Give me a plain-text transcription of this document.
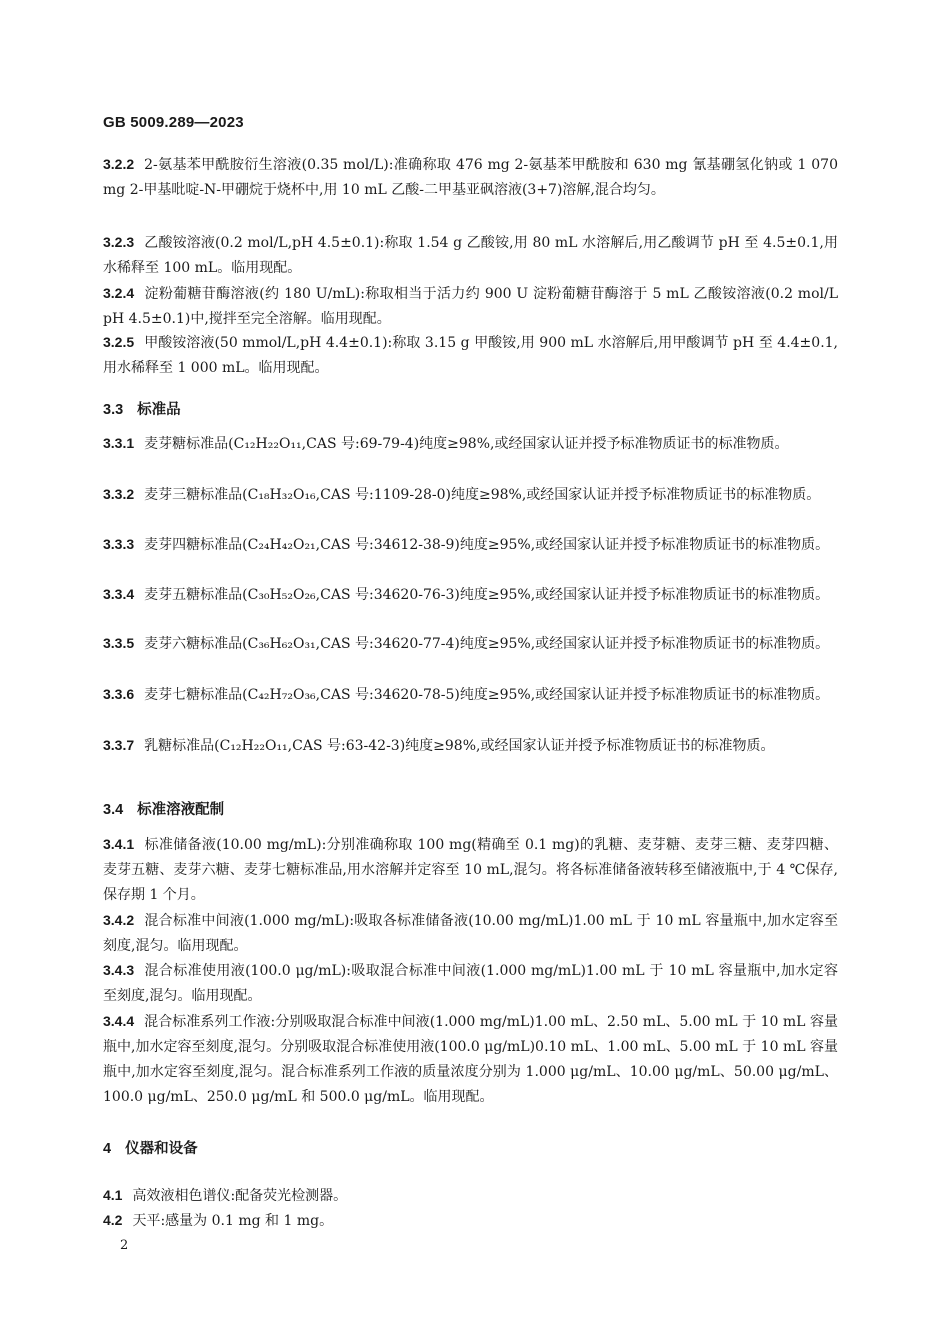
GB 5009.289—2023

3.2.2 2-氨基苯甲酰胺衍生溶液(0.35 mol/L):准确称取 476 mg 2-氨基苯甲酰胺和 630 mg 氰基硼氢化钠或 1 070 mg 2-甲基吡啶-N-甲硼烷于烧杯中,用 10 mL 乙酸-二甲基亚砜溶液(3+7)溶解,混合均匀。

3.2.3 乙酸铵溶液(0.2 mol/L,pH 4.5±0.1):称取 1.54 g 乙酸铵,用 80 mL 水溶解后,用乙酸调节 pH 至 4.5±0.1,用水稀释至 100 mL。临用现配。

3.2.4 淀粉葡糖苷酶溶液(约 180 U/mL):称取相当于活力约 900 U 淀粉葡糖苷酶溶于 5 mL 乙酸铵溶液(0.2 mol/L pH 4.5±0.1)中,搅拌至完全溶解。临用现配。

3.2.5 甲酸铵溶液(50 mmol/L,pH 4.4±0.1):称取 3.15 g 甲酸铵,用 900 mL 水溶解后,用甲酸调节 pH 至 4.4±0.1,用水稀释至 1 000 mL。临用现配。

3.3 标准品

3.3.1 麦芽糖标准品(C₁₂H₂₂O₁₁,CAS 号:69-79-4)纯度≥98%,或经国家认证并授予标准物质证书的标准物质。

3.3.2 麦芽三糖标准品(C₁₈H₃₂O₁₆,CAS 号:1109-28-0)纯度≥98%,或经国家认证并授予标准物质证书的标准物质。

3.3.3 麦芽四糖标准品(C₂₄H₄₂O₂₁,CAS 号:34612-38-9)纯度≥95%,或经国家认证并授予标准物质证书的标准物质。

3.3.4 麦芽五糖标准品(C₃₀H₅₂O₂₆,CAS 号:34620-76-3)纯度≥95%,或经国家认证并授予标准物质证书的标准物质。

3.3.5 麦芽六糖标准品(C₃₆H₆₂O₃₁,CAS 号:34620-77-4)纯度≥95%,或经国家认证并授予标准物质证书的标准物质。

3.3.6 麦芽七糖标准品(C₄₂H₇₂O₃₆,CAS 号:34620-78-5)纯度≥95%,或经国家认证并授予标准物质证书的标准物质。

3.3.7 乳糖标准品(C₁₂H₂₂O₁₁,CAS 号:63-42-3)纯度≥98%,或经国家认证并授予标准物质证书的标准物质。

3.4 标准溶液配制

3.4.1 标准储备液(10.00 mg/mL):分别准确称取 100 mg(精确至 0.1 mg)的乳糖、麦芽糖、麦芽三糖、麦芽四糖、麦芽五糖、麦芽六糖、麦芽七糖标准品,用水溶解并定容至 10 mL,混匀。将各标准储备液转移至储液瓶中,于 4 ℃保存,保存期 1 个月。

3.4.2 混合标准中间液(1.000 mg/mL):吸取各标准储备液(10.00 mg/mL)1.00 mL 于 10 mL 容量瓶中,加水定容至刻度,混匀。临用现配。

3.4.3 混合标准使用液(100.0 μg/mL):吸取混合标准中间液(1.000 mg/mL)1.00 mL 于 10 mL 容量瓶中,加水定容至刻度,混匀。临用现配。

3.4.4 混合标准系列工作液:分别吸取混合标准中间液(1.000 mg/mL)1.00 mL、2.50 mL、5.00 mL 于 10 mL 容量瓶中,加水定容至刻度,混匀。分别吸取混合标准使用液(100.0 μg/mL)0.10 mL、1.00 mL、5.00 mL 于 10 mL 容量瓶中,加水定容至刻度,混匀。混合标准系列工作液的质量浓度分别为 1.000 μg/mL、10.00 μg/mL、50.00 μg/mL、100.0 μg/mL、250.0 μg/mL 和 500.0 μg/mL。临用现配。

4 仪器和设备

4.1 高效液相色谱仪:配备荧光检测器。

4.2 天平:感量为 0.1 mg 和 1 mg。

2
